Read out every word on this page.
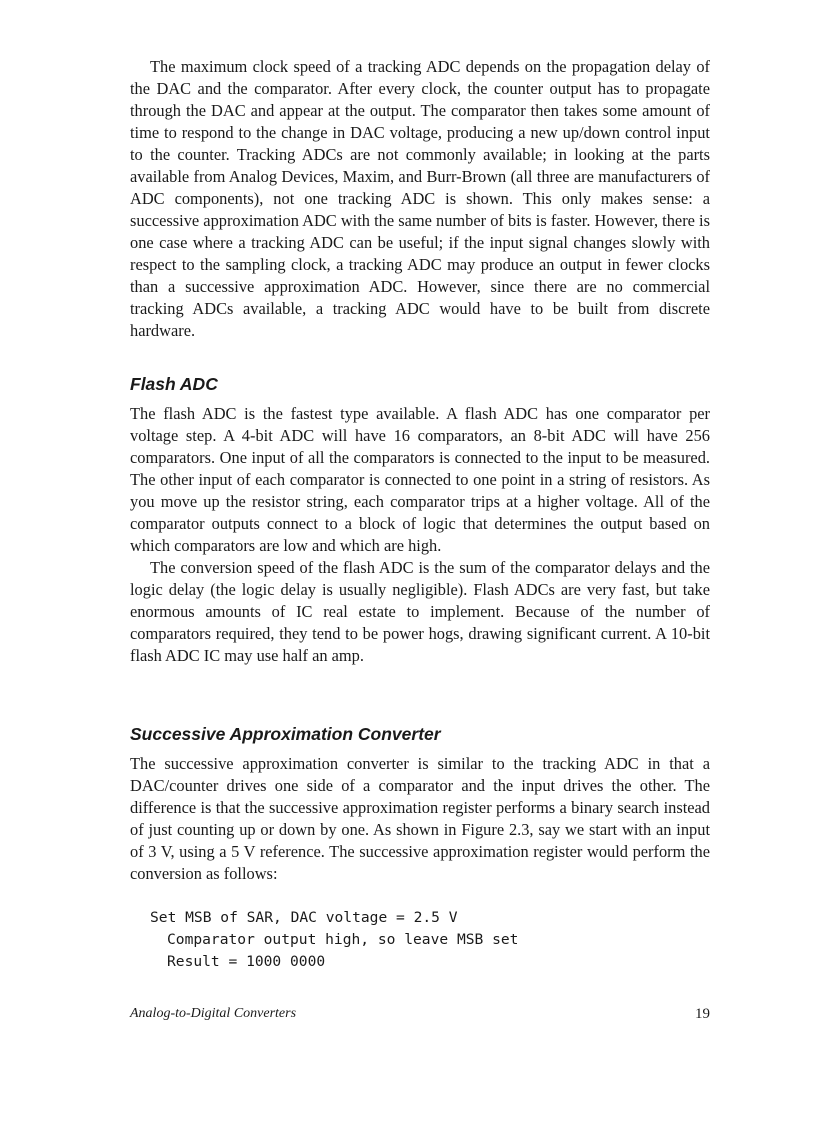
The maximum clock speed of a tracking ADC depends on the propagation delay of the DAC and the comparator. After every clock, the counter output has to propagate through the DAC and appear at the output. The comparator then takes some amount of time to respond to the change in DAC voltage, producing a new up/down control input to the counter. Tracking ADCs are not commonly available; in looking at the parts available from Analog Devices, Maxim, and Burr-Brown (all three are manufacturers of ADC components), not one tracking ADC is shown. This only makes sense: a successive approximation ADC with the same number of bits is faster. However, there is one case where a tracking ADC can be useful; if the input signal changes slowly with respect to the sampling clock, a tracking ADC may produce an output in fewer clocks than a successive approximation ADC. However, since there are no commercial tracking ADCs available, a tracking ADC would have to be built from discrete hardware.

Flash ADC

The flash ADC is the fastest type available. A flash ADC has one comparator per voltage step. A 4-bit ADC will have 16 comparators, an 8-bit ADC will have 256 comparators. One input of all the comparators is connected to the input to be measured. The other input of each comparator is connected to one point in a string of resistors. As you move up the resistor string, each comparator trips at a higher voltage. All of the comparator outputs connect to a block of logic that determines the output based on which comparators are low and which are high.

The conversion speed of the flash ADC is the sum of the comparator delays and the logic delay (the logic delay is usually negligible). Flash ADCs are very fast, but take enormous amounts of IC real estate to implement. Because of the number of comparators required, they tend to be power hogs, drawing significant current. A 10-bit flash ADC IC may use half an amp.

Successive Approximation Converter

The successive approximation converter is similar to the tracking ADC in that a DAC/counter drives one side of a comparator and the input drives the other. The difference is that the successive approximation register performs a binary search instead of just counting up or down by one. As shown in Figure 2.3, say we start with an input of 3 V, using a 5 V reference. The successive approximation register would perform the conversion as follows:

Set MSB of SAR, DAC voltage = 2.5 V

Comparator output high, so leave MSB set

Result = 1000 0000

Analog-to-Digital Converters	19
